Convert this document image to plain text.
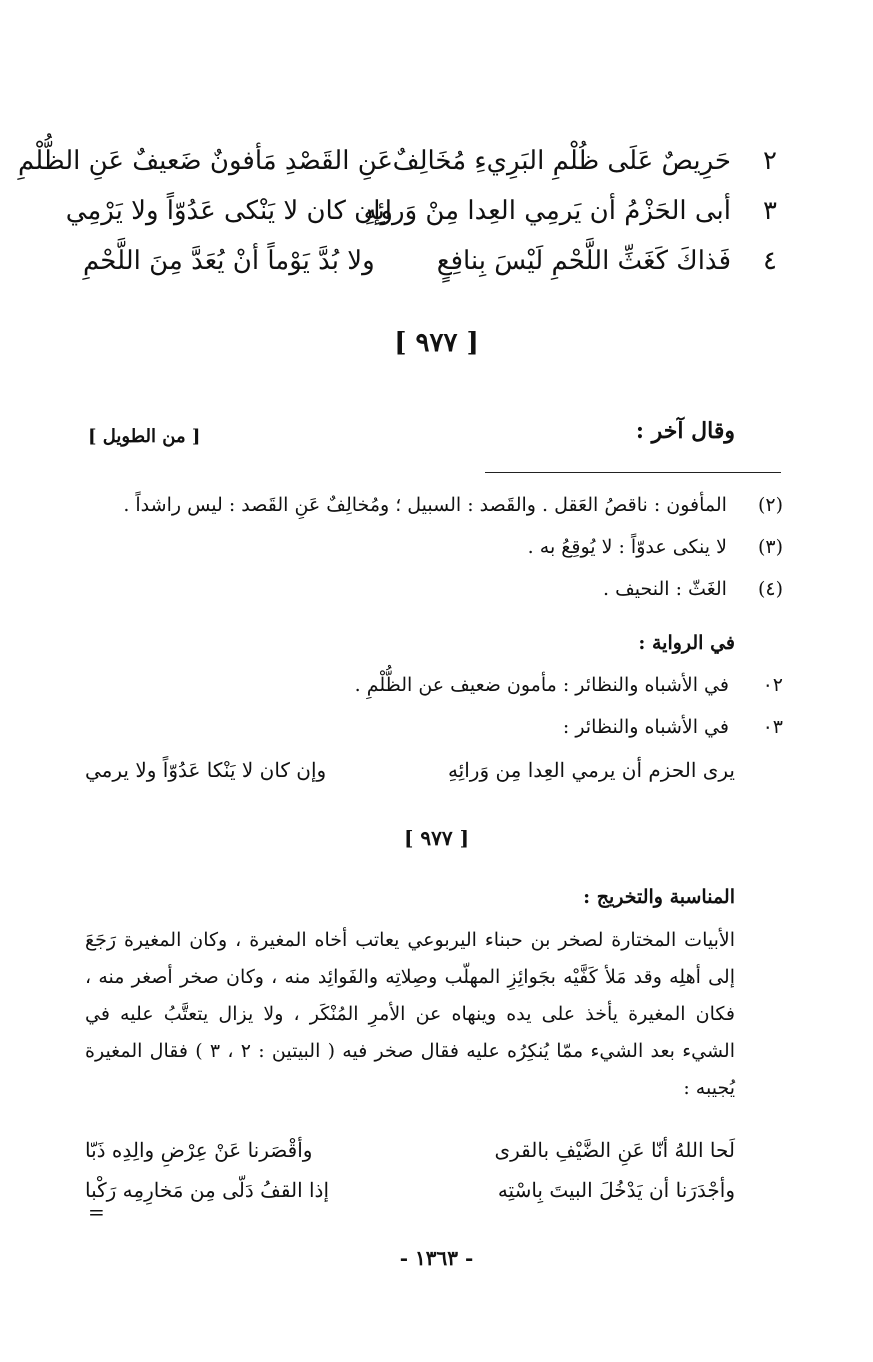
٢
حَرِيصٌ عَلَى ظُلْمِ البَرِيءِ مُخَالِفٌ
عَنِ القَصْدِ مَأفونٌ ضَعيفٌ عَنِ الظُّلْمِ
٣
أبى الحَزْمُ أن يَرمِي العِدا مِنْ وَرائِهِ
وإن كان لا يَنْكى عَدُوّاً ولا يَرْمِي
٤
فَذاكَ كَغَثِّ اللَّحْمِ لَيْسَ بِنافِعٍ
ولا بُدَّ يَوْماً أنْ يُعَدَّ مِنَ اللَّحْمِ
[ ٩٧٧ ]
وقال آخر :
[ من الطويل ]
(٢) المأفون : ناقصُ العَقل . والقَصد : السبيل ؛ ومُخالِفٌ عَنِ القَصد : ليس راشداً .
(٣) لا ينكى عدوّاً : لا يُوقِعُ به .
(٤) الغَثّ : النحيف .
في الرواية :
٠٢ في الأشباه والنظائر : مأمون ضعيف عن الظُّلْمِ .
٠٣ في الأشباه والنظائر :
يرى الحزم أن يرمي العِدا مِن وَرائِهِ
وإن كان لا يَنْكا عَدُوّاً ولا يرمي
[ ٩٧٧ ]
المناسبة والتخريج :
الأبيات المختارة لصخر بن حبناء اليربوعي يعاتب أخاه المغيرة ، وكان المغيرة رَجَعَ إلى أهلِه وقد مَلأ كَفَّيْه بجَوائِزِ المهلّب وصِلاتِه والفَوائِد منه ، وكان صخر أصغر منه ، فكان المغيرة يأخذ على يده وينهاه عن الأمرِ المُنْكَر ، ولا يزال يتعتَّبُ عليه في الشيء بعد الشيء ممّا يُنكِرُه عليه فقال صخر فيه ( البيتين : ٢ ، ٣ ) فقال المغيرة يُجيبه :
لَحا اللهُ أنّا عَنِ الضَّيْفِ بالقرى
وأقْصَرنا عَنْ عِرْضِ والِدِه ذَبّا
وأجْدَرَنا أن يَدْخُلَ البيتَ بِاسْتِه
إذا القفُ دَلّى مِن مَخارِمِه رَكْبا
=
- ١٣٦٣ -
